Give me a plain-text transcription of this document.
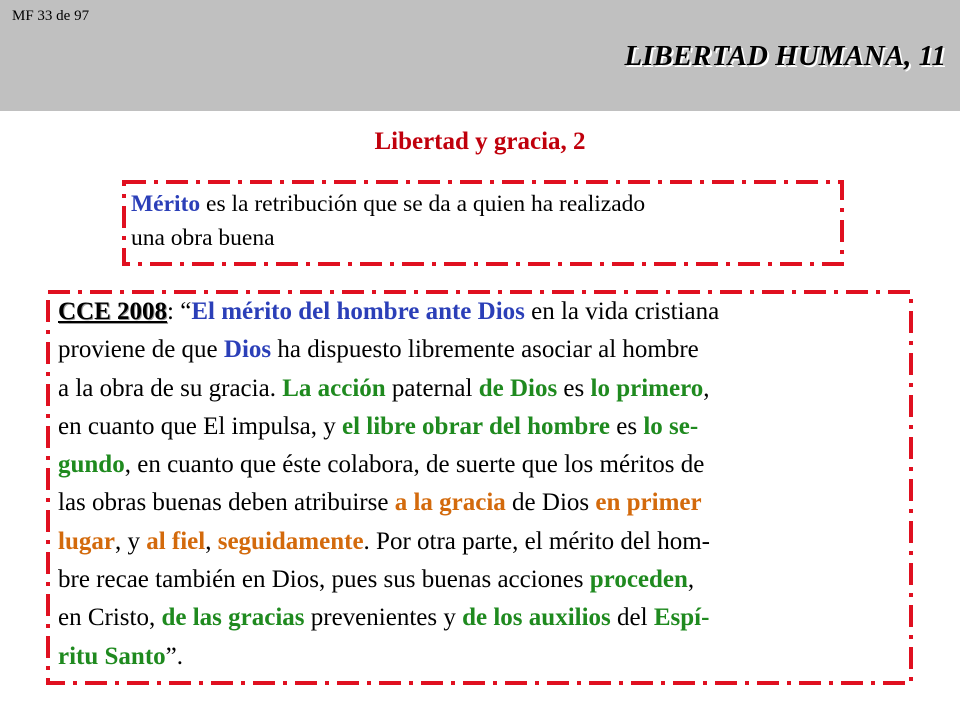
MF 33 de 97
LIBERTAD HUMANA, 11
Libertad y gracia, 2
Mérito es la retribución que se da a quien ha realizado
una obra buena
CCE 2008: “El mérito del hombre ante Dios en la vida cristiana
proviene de que Dios ha dispuesto libremente asociar al hombre
a la obra de su gracia. La acción paternal de Dios es lo primero,
en cuanto que El impulsa, y el libre obrar del hombre es lo se-
gundo, en cuanto que éste colabora, de suerte que los méritos de
las obras buenas deben atribuirse a la gracia de Dios en primer
lugar, y al fiel, seguidamente. Por otra parte, el mérito del hom-
bre recae también en Dios, pues sus buenas acciones proceden,
en Cristo, de las gracias prevenientes y de los auxilios del Espí-
ritu Santo”.
